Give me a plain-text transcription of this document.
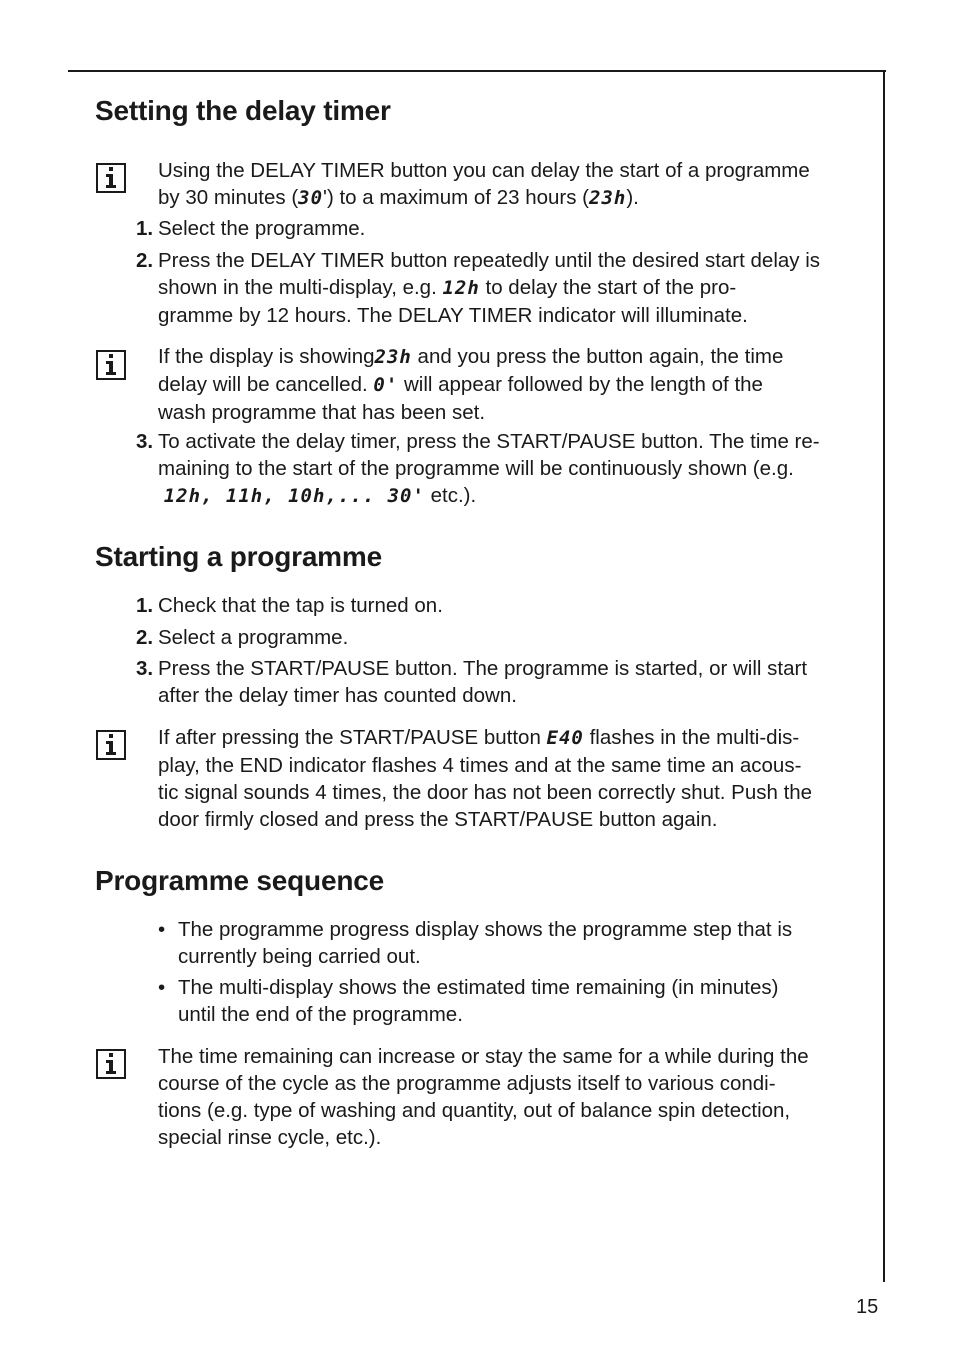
Setting the delay timer

Using the DELAY TIMER button you can delay the start of a programme
by 30 minutes (30') to a maximum of 23 hours (23h).

1. Select the programme.

2. Press the DELAY TIMER button repeatedly until the desired start delay is
shown in the multi-display, e.g. 12h to delay the start of the pro-
gramme by 12 hours. The DELAY TIMER indicator will illuminate.

If the display is showing23h and you press the button again, the time
delay will be cancelled. 0' will appear followed by the length of the
wash programme that has been set.

3. To activate the delay timer, press the START/PAUSE button. The time re-
maining to the start of the programme will be continuously shown (e.g.
12h, 11h, 10h,... 30' etc.).

Starting a programme
1. Check that the tap is turned on.

2. Select a programme.

3. Press the START/PAUSE button. The programme is started, or will start
after the delay timer has counted down.

If after pressing the START/PAUSE button E40 flashes in the multi-dis-
play, the END indicator flashes 4 times and at the same time an acous-
tic signal sounds 4 times, the door has not been correctly shut. Push the
door firmly closed and press the START/PAUSE button again.

Programme sequence
• The programme progress display shows the programme step that is
currently being carried out.

• The multi-display shows the estimated time remaining (in minutes)
until the end of the programme.

The time remaining can increase or stay the same for a while during the
course of the cycle as the programme adjusts itself to various condi-
tions (e.g. type of washing and quantity, out of balance spin detection,
special rinse cycle, etc.).

15
